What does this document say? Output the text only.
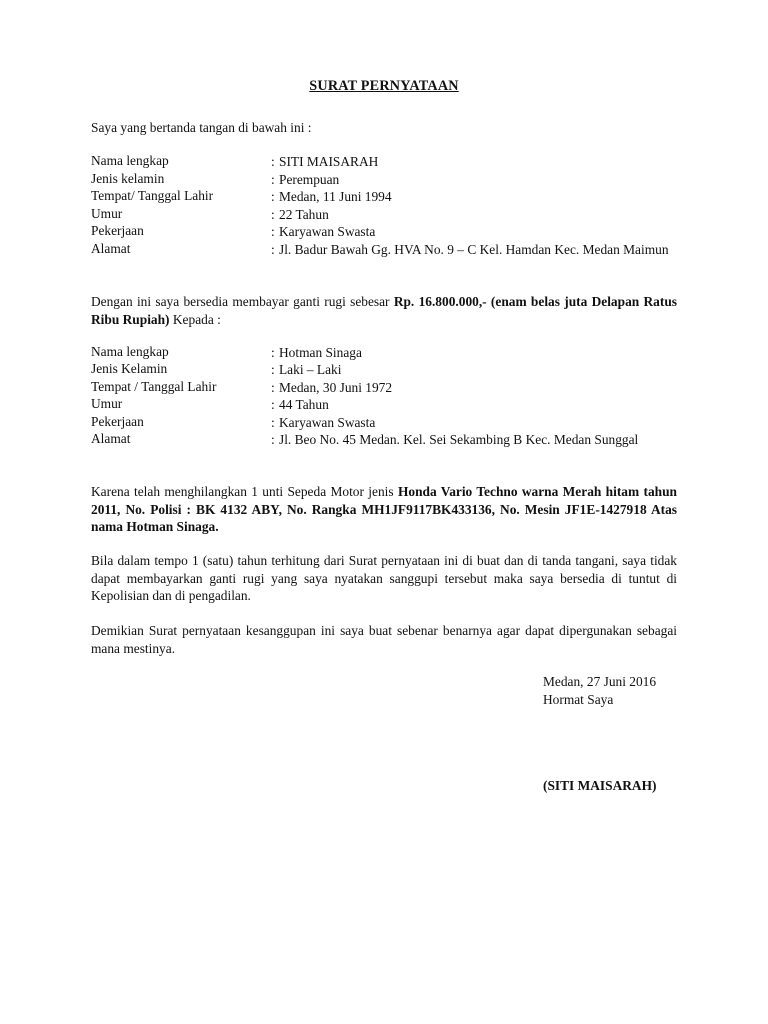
SURAT PERNYATAAN
Saya yang bertanda tangan di bawah ini :
Nama lengkap	: SITI MAISARAH
Jenis kelamin	: Perempuan
Tempat/ Tanggal Lahir	: Medan, 11 Juni 1994
Umur	: 22 Tahun
Pekerjaan	: Karyawan Swasta
Alamat	: Jl. Badur Bawah Gg. HVA No. 9 – C Kel. Hamdan Kec. Medan Maimun
Dengan ini saya bersedia membayar ganti rugi sebesar Rp. 16.800.000,- (enam belas juta Delapan Ratus Ribu Rupiah) Kepada :
Nama lengkap	: Hotman Sinaga
Jenis Kelamin	: Laki – Laki
Tempat / Tanggal Lahir	: Medan, 30 Juni 1972
Umur	: 44 Tahun
Pekerjaan	: Karyawan Swasta
Alamat	: Jl. Beo No. 45 Medan. Kel. Sei Sekambing B Kec. Medan Sunggal
Karena telah menghilangkan 1 unti Sepeda Motor jenis Honda Vario Techno warna Merah hitam tahun 2011, No. Polisi : BK 4132 ABY, No. Rangka MH1JF9117BK433136, No. Mesin JF1E-1427918 Atas nama Hotman Sinaga.
Bila dalam tempo 1 (satu) tahun terhitung dari Surat pernyataan ini di buat dan di tanda tangani, saya tidak dapat membayarkan ganti rugi yang saya nyatakan sanggupi tersebut maka saya bersedia di tuntut di Kepolisian dan di pengadilan.
Demikian Surat pernyataan kesanggupan ini saya buat sebenar benarnya agar dapat dipergunakan sebagai mana mestinya.
Medan, 27 Juni 2016
Hormat Saya
(SITI MAISARAH)
